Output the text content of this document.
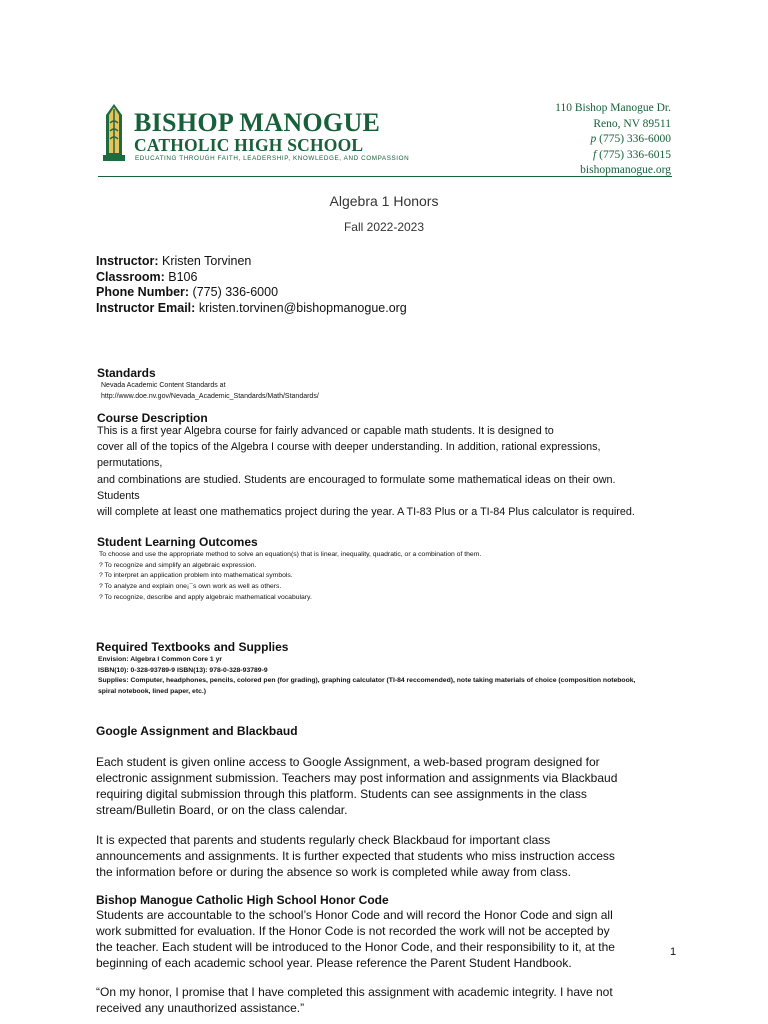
BISHOP MANOGUE
CATHOLIC HIGH SCHOOL
EDUCATING THROUGH FAITH, LEADERSHIP, KNOWLEDGE, AND COMPASSION
110 Bishop Manogue Dr.
Reno, NV 89511
p (775) 336-6000
f (775) 336-6015
bishopmanogue.org
Algebra 1 Honors
Fall 2022-2023
Instructor: Kristen Torvinen
Classroom: B106
Phone Number: (775) 336-6000
Instructor Email: kristen.torvinen@bishopmanogue.org
Standards
Nevada Academic Content Standards at
http://www.doe.nv.gov/Nevada_Academic_Standards/Math/Standards/
Course Description
This is a first year Algebra course for fairly advanced or capable math students. It is designed to
cover all of the topics of the Algebra I course with deeper understanding. In addition, rational expressions,
permutations,
and combinations are studied. Students are encouraged to formulate some mathematical ideas on their own.
Students
will complete at least one mathematics project during the year. A TI-83 Plus or a TI-84 Plus calculator is required.
Student Learning Outcomes
To choose and use the appropriate method to solve an equation(s) that is linear, inequality, quadratic, or a combination of them.
? To recognize and simplify an algebraic expression.
? To interpret an application problem into mathematical symbols.
? To analyze and explain one¡¯s own work as well as others.
? To recognize, describe and apply algebraic mathematical vocabulary.
Required Textbooks and Supplies
Envision: Algebra I Common Core 1 yr
ISBN(10): 0-328-93789-9 ISBN(13): 978-0-328-93789-9
Supplies: Computer, headphones, pencils, colored pen (for grading), graphing calculator (TI-84 reccomended), note taking materials of choice (composition notebook,
spiral notebook, lined paper, etc.)
Google Assignment and Blackbaud
Each student is given online access to Google Assignment, a web-based program designed for
electronic assignment submission. Teachers may post information and assignments via Blackbaud
requiring digital submission through this platform. Students can see assignments in the class
stream/Bulletin Board, or on the class calendar.
It is expected that parents and students regularly check Blackbaud for important class
announcements and assignments. It is further expected that students who miss instruction access
the information before or during the absence so work is completed while away from class.
Bishop Manogue Catholic High School Honor Code
Students are accountable to the school’s Honor Code and will record the Honor Code and sign all
work submitted for evaluation. If the Honor Code is not recorded the work will not be accepted by
the teacher. Each student will be introduced to the Honor Code, and their responsibility to it, at the
beginning of each academic school year. Please reference the Parent Student Handbook.
“On my honor, I promise that I have completed this assignment with academic integrity. I have not
received any unauthorized assistance.”
1
